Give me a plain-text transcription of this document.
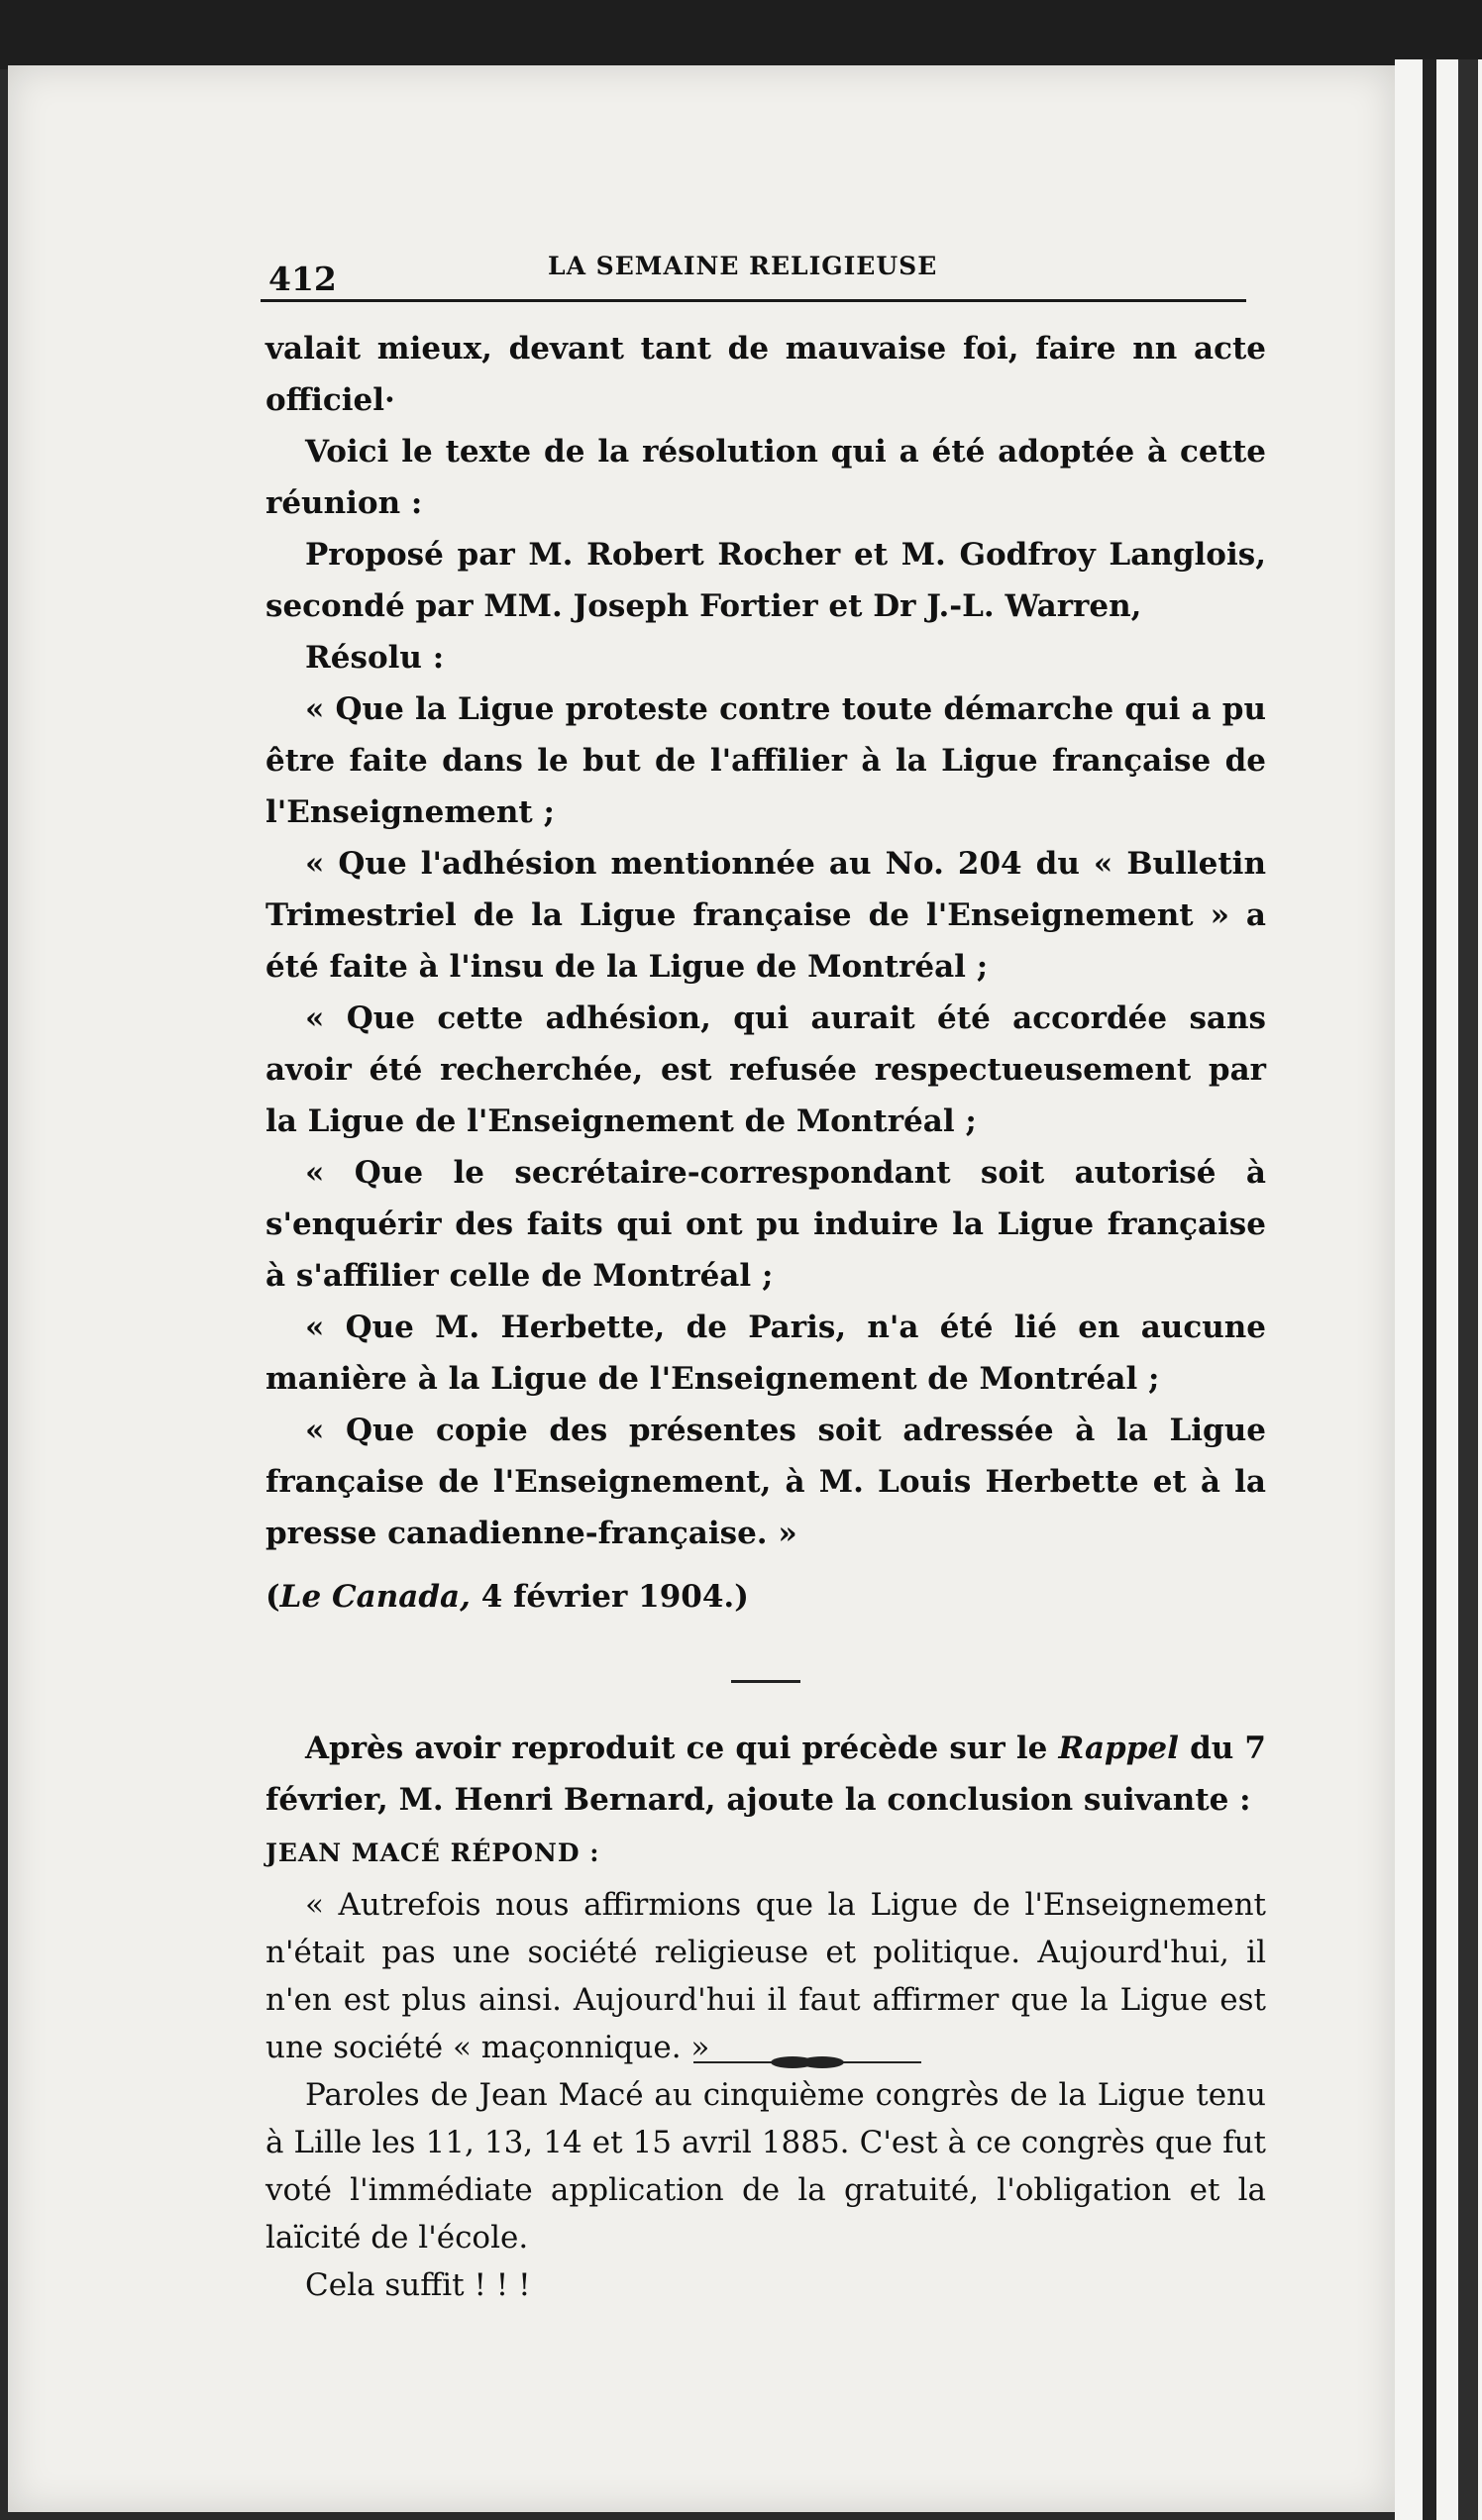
412	LA SEMAINE RELIGIEUSE

valait mieux, devant tant de mauvaise foi, faire nn acte officiel·

Voici le texte de la résolution qui a été adoptée à cette réunion :

Proposé par M. Robert Rocher et M. Godfroy Langlois, secondé par MM. Joseph Fortier et Dr J.-L. Warren,

Résolu :

« Que la Ligue proteste contre toute démarche qui a pu être faite dans le but de l'affilier à la Ligue française de l'Enseignement ;

« Que l'adhésion mentionnée au No. 204 du « Bulletin Trimestriel de la Ligue française de l'Enseignement » a été faite à l'insu de la Ligue de Montréal ;

« Que cette adhésion, qui aurait été accordée sans avoir été recherchée, est refusée respectueusement par la Ligue de l'Enseignement de Montréal ;

« Que le secrétaire-correspondant soit autorisé à s'enquérir des faits qui ont pu induire la Ligue française à s'affilier celle de Montréal ;

« Que M. Herbette, de Paris, n'a été lié en aucune manière à la Ligue de l'Enseignement de Montréal ;

« Que copie des présentes soit adressée à la Ligue française de l'Enseignement, à M. Louis Herbette et à la presse canadienne-française. »

(Le Canada, 4 février 1904.)

Après avoir reproduit ce qui précède sur le Rappel du 7 février, M. Henri Bernard, ajoute la conclusion suivante :

JEAN MACÉ RÉPOND :

« Autrefois nous affirmions que la Ligue de l'Enseignement n'était pas une société religieuse et politique. Aujourd'hui, il n'en est plus ainsi. Aujourd'hui il faut affirmer que la Ligue est une société « maçonnique. »

Paroles de Jean Macé au cinquième congrès de la Ligue tenu à Lille les 11, 13, 14 et 15 avril 1885. C'est à ce congrès que fut voté l'immédiate application de la gratuité, l'obligation et la laïcité de l'école.

Cela suffit ! ! !
